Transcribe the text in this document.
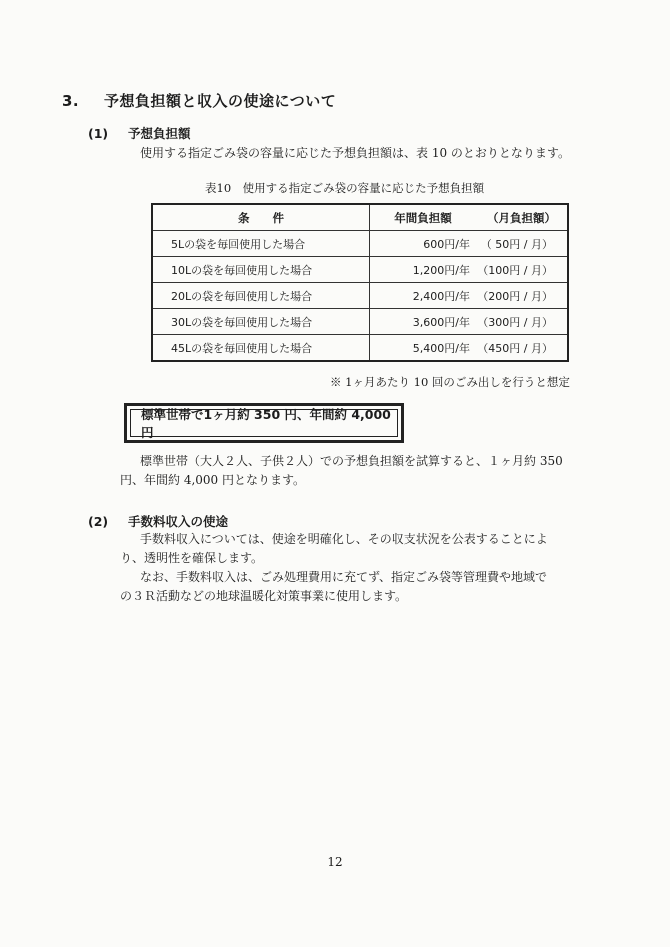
3. 予想負担額と収入の使途について
(1) 予想負担額
使用する指定ごみ袋の容量に応じた予想負担額は、表 10 のとおりとなります。
表10　使用する指定ごみ袋の容量に応じた予想負担額
条　　件	年間負担額	（月負担額）
5Lの袋を毎回使用した場合	600円/年	（ 50円 / 月）
10Lの袋を毎回使用した場合	1,200円/年	（100円 / 月）
20Lの袋を毎回使用した場合	2,400円/年	（200円 / 月）
30Lの袋を毎回使用した場合	3,600円/年	（300円 / 月）
45Lの袋を毎回使用した場合	5,400円/年	（450円 / 月）
※ 1ヶ月あたり 10 回のごみ出しを行うと想定
標準世帯で1ヶ月約 350 円、年間約 4,000 円
標準世帯（大人２人、子供２人）での予想負担額を試算すると、１ヶ月約 350
円、年間約 4,000 円となります。
(2) 手数料収入の使途
手数料収入については、使途を明確化し、その収支状況を公表することによ
り、透明性を確保します。
なお、手数料収入は、ごみ処理費用に充てず、指定ごみ袋等管理費や地域で
の３Ｒ活動などの地球温暖化対策事業に使用します。
12
